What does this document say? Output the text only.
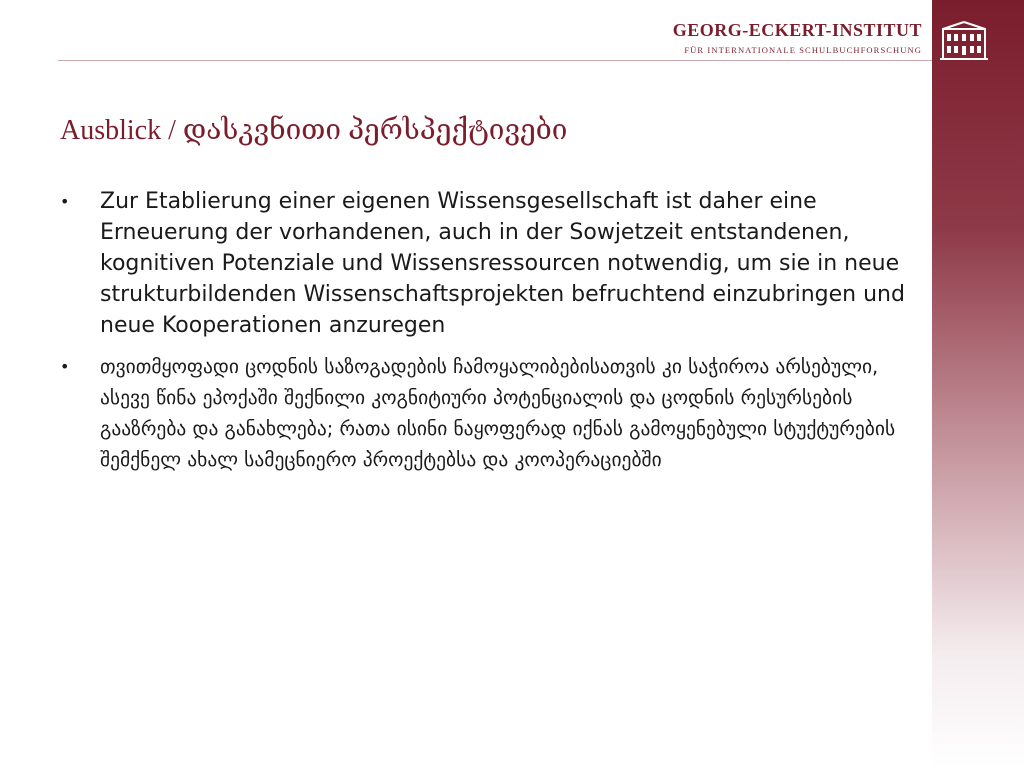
GEORG-ECKERT-INSTITUT

FÜR INTERNATIONALE SCHULBUCHFORSCHUNG

Ausblick / დასკვნითი პერსპექტივები
• Zur Etablierung einer eigenen Wissensgesellschaft ist daher eine Erneuerung der vorhandenen, auch in der Sowjetzeit entstandenen, kognitiven Potenziale und Wissensressourcen notwendig, um sie in neue strukturbildenden Wissenschaftsprojekten befruchtend einzubringen und neue Kooperationen anzuregen
• თვითმყოფადი ცოდნის საზოგადების ჩამოყალიბებისათვის კი საჭიროა არსებული, ასევე წინა ეპოქაში შექნილი კოგნიტიური პოტენციალის და ცოდნის რესურსების გააზრება და განახლება; რათა ისინი ნაყოფერად იქნას გამოყენებული სტუქტურების შემქნელ ახალ სამეცნიერო პროექტებსა და კოოპერაციებში
